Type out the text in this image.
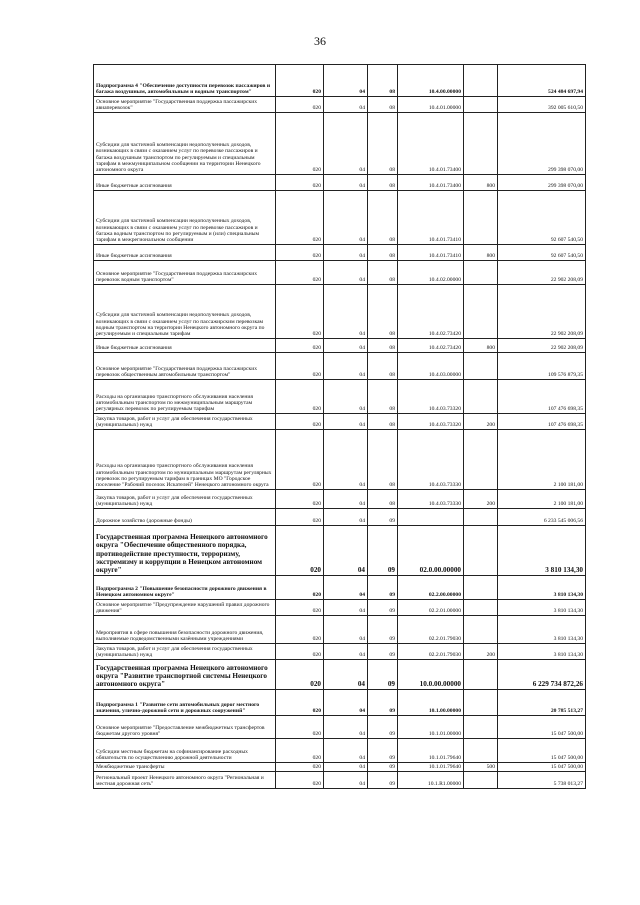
36
Подпрограмма 4 "Обеспечение доступности перевозок пассажиров и багажа воздушным, автомобильным и водным транспортом"	020	04	08	10.4.00.00000		524 484 697,94
Основное мероприятие "Государственная поддержка пассажирских авиаперевозок"	020	04	08	10.4.01.00000		392 005 610,50
Субсидии для частичной компенсации недополученных доходов, возникающих в связи с оказанием услуг по перевозке пассажиров и багажа воздушным транспортом по регулируемым и специальным тарифам в межмуниципальном сообщении на территории Ненецкого автономного округа	020	04	08	10.4.01.73400		299 398 070,00
Иные бюджетные ассигнования	020	04	08	10.4.01.73400	800	299 398 070,00
Субсидии для частичной компенсации недополученных доходов, возникающих в связи с оказанием услуг по перевозке пассажиров и багажа водным транспортом по регулируемым и (или) специальным тарифам в межрегиональном сообщении	020	04	08	10.4.01.73410		92 607 540,50
Иные бюджетные ассигнования	020	04	08	10.4.01.73410	800	92 607 540,50
Основное мероприятие "Государственная поддержка пассажирских перевозок водным транспортом"	020	04	08	10.4.02.00000		22 902 208,09
Субсидии для частичной компенсации недополученных доходов, возникающих в связи с оказанием услуг по пассажирским перевозкам водным транспортом на территории Ненецкого автономного округа по регулируемым и специальным тарифам	020	04	08	10.4.02.73420		22 902 208,09
Иные бюджетные ассигнования	020	04	08	10.4.02.73420	800	22 902 208,09
Основное мероприятие "Государственная поддержка пассажирских перевозок общественным автомобильным транспортом"	020	04	08	10.4.03.00000		109 576 879,35
Расходы на организацию транспортного обслуживания населения автомобильным транспортом по межмуниципальным маршрутам регулярных перевозок по регулируемым тарифам	020	04	08	10.4.03.73320		107 476 698,35
Закупка товаров, работ и услуг для обеспечения государственных (муниципальных) нужд	020	04	08	10.4.03.73320	200	107 476 698,35
Расходы на организацию транспортного обслуживания населения автомобильным транспортом по муниципальным маршрутам регулярных перевозок по регулируемым тарифам в границах МО "Городское поселение "Рабочий поселок Искателей" Ненецкого автономного округа	020	04	08	10.4.03.73330		2 100 181,00
Закупка товаров, работ и услуг для обеспечения государственных (муниципальных) нужд	020	04	08	10.4.03.73330	200	2 100 181,00
Дорожное хозяйство (дорожные фонды)	020	04	09			6 233 545 006,56
Государственная программа Ненецкого автономного округа "Обеспечение общественного порядка, противодействие преступности, терроризму, экстремизму и коррупции в Ненецком автономном округе"	020	04	09	02.0.00.00000		3 810 134,30
Подпрограмма 2 "Повышение безопасности дорожного движения в Ненецком автономном округе"	020	04	09	02.2.00.00000		3 810 134,30
Основное мероприятие "Предупреждение нарушений правил дорожного движения"	020	04	09	02.2.01.00000		3 810 134,30
Мероприятия в сфере повышения безопасности дорожного движения, выполняемые подведомственными казёнными учреждениями	020	04	09	02.2.01.79030		3 810 134,30
Закупка товаров, работ и услуг для обеспечения государственных (муниципальных) нужд	020	04	09	02.2.01.79030	200	3 810 134,30
Государственная программа Ненецкого автономного округа "Развитие транспортной системы Ненецкого автономного округа"	020	04	09	10.0.00.00000		6 229 734 872,26
Подпрограмма 1 "Развитие сети автомобильных дорог местного значения, улично-дорожной сети и дорожных сооружений"	020	04	09	10.1.00.00000		20 785 513,27
Основное мероприятие "Предоставление межбюджетных трансфертов бюджетам другого уровня"	020	04	09	10.1.01.00000		15 047 500,00
Субсидии местным бюджетам на софинансирование расходных обязательств по осуществлению дорожной деятельности	020	04	09	10.1.01.79640		15 047 500,00
Межбюджетные трансферты	020	04	09	10.1.01.79640	500	15 047 500,00
Региональный проект Ненецкого автономного округа "Региональная и местная дорожная сеть"	020	04	09	10.1.R1.00000		5 738 013,27
